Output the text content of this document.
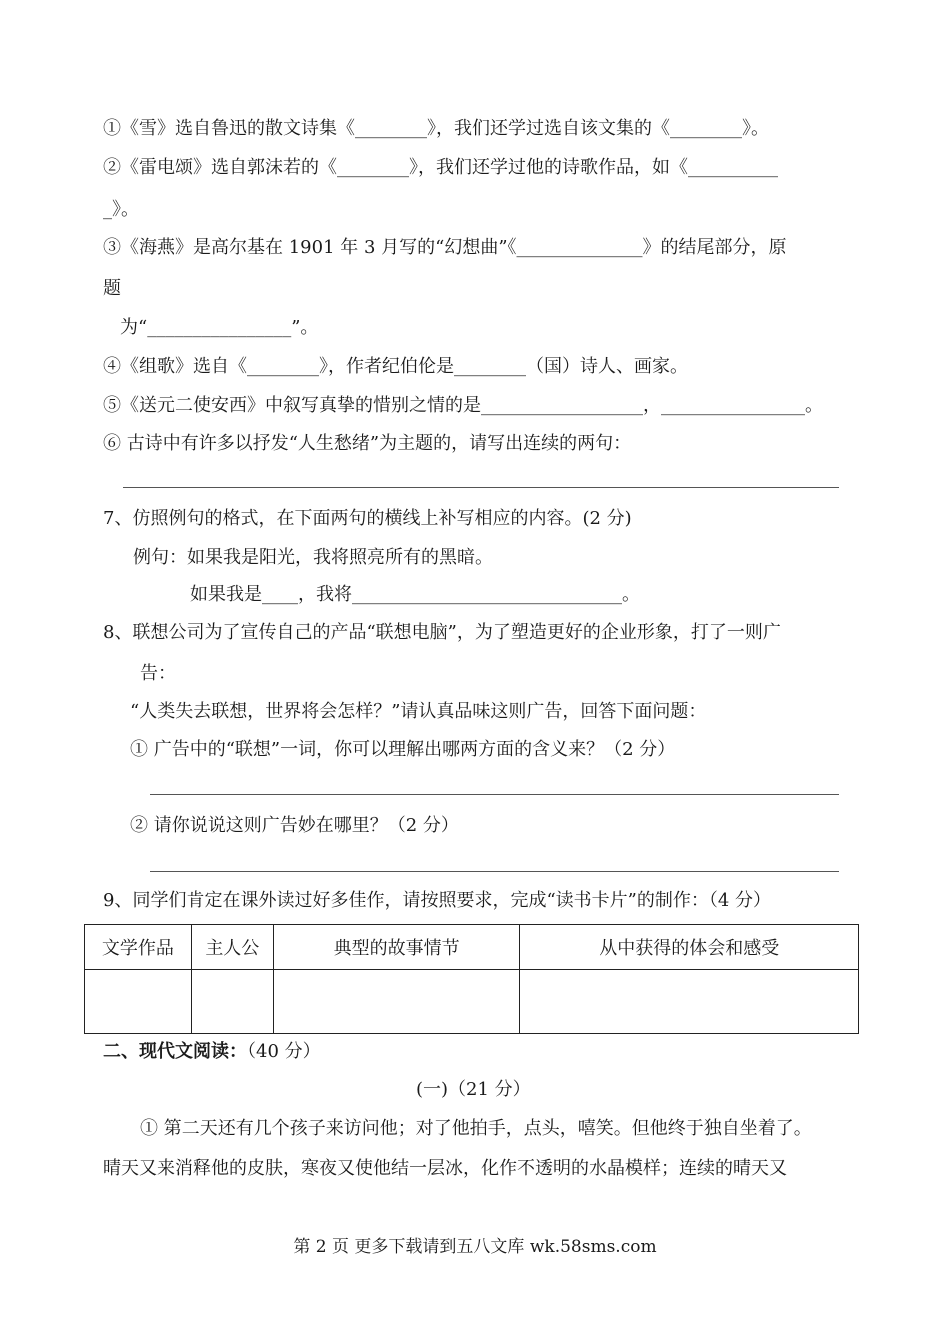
①《雪》选自鲁迅的散文诗集《________》，我们还学过选自该文集的《________》。
②《雷电颂》选自郭沫若的《________》，我们还学过他的诗歌作品，如《__________
_》。
③《海燕》是高尔基在 1901 年 3 月写的“幻想曲”《______________》的结尾部分，原
题
为“________________”。
④《组歌》选自《________》，作者纪伯伦是________（国）诗人、画家。
⑤《送元二使安西》中叙写真挚的惜别之情的是__________________，________________。
⑥ 古诗中有许多以抒发“人生愁绪”为主题的，请写出连续的两句：
7、仿照例句的格式，在下面两句的横线上补写相应的内容。(2 分)
例句：如果我是阳光，我将照亮所有的黑暗。
如果我是____，我将______________________________。
8、联想公司为了宣传自己的产品“联想电脑”，为了塑造更好的企业形象，打了一则广
告：
“人类失去联想，世界将会怎样？”请认真品味这则广告，回答下面问题：
① 广告中的“联想”一词，你可以理解出哪两方面的含义来？（2 分）
② 请你说说这则广告妙在哪里？（2 分）
9、同学们肯定在课外读过好多佳作，请按照要求，完成“读书卡片”的制作：（4 分）
文学作品	主人公	典型的故事情节	从中获得的体会和感受

二、现代文阅读：（40 分）
(一)（21 分）
① 第二天还有几个孩子来访问他；对了他拍手，点头，嘻笑。但他终于独自坐着了。
晴天又来消释他的皮肤，寒夜又使他结一层冰，化作不透明的水晶模样；连续的晴天又
第 2 页 更多下载请到五八文库 wk.58sms.com
